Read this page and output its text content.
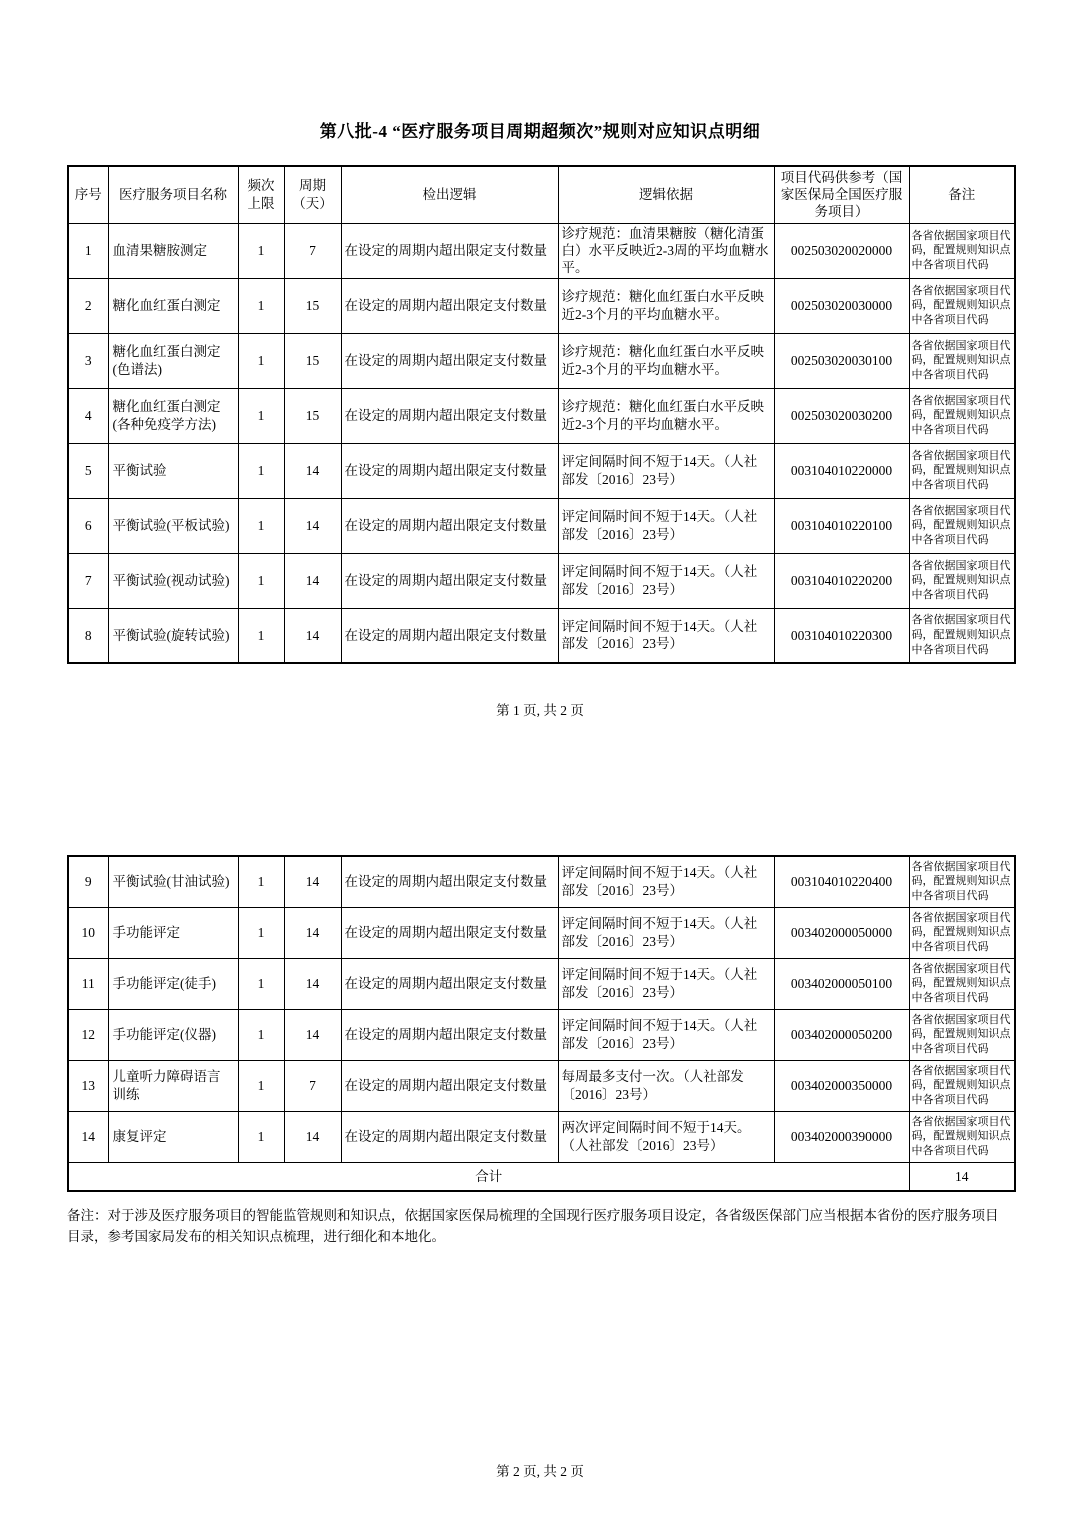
第八批-4 “医疗服务项目周期超频次”规则对应知识点明细
序号	医疗服务项目名称	频次上限	周期（天）	检出逻辑	逻辑依据	项目代码供参考（国家医保局全国医疗服务项目）	备注
1	血清果糖胺测定	1	7	在设定的周期内超出限定支付数量	诊疗规范：血清果糖胺（糖化清蛋白）水平反映近2-3周的平均血糖水平。	002503020020000	各省依据国家项目代码，配置规则知识点中各省项目代码
2	糖化血红蛋白测定	1	15	在设定的周期内超出限定支付数量	诊疗规范：糖化血红蛋白水平反映近2-3个月的平均血糖水平。	002503020030000	各省依据国家项目代码，配置规则知识点中各省项目代码
3	糖化血红蛋白测定(色谱法)	1	15	在设定的周期内超出限定支付数量	诊疗规范：糖化血红蛋白水平反映近2-3个月的平均血糖水平。	002503020030100	各省依据国家项目代码，配置规则知识点中各省项目代码
4	糖化血红蛋白测定(各种免疫学方法)	1	15	在设定的周期内超出限定支付数量	诊疗规范：糖化血红蛋白水平反映近2-3个月的平均血糖水平。	002503020030200	各省依据国家项目代码，配置规则知识点中各省项目代码
5	平衡试验	1	14	在设定的周期内超出限定支付数量	评定间隔时间不短于14天。（人社部发〔2016〕23号）	003104010220000	各省依据国家项目代码，配置规则知识点中各省项目代码
6	平衡试验(平板试验)	1	14	在设定的周期内超出限定支付数量	评定间隔时间不短于14天。（人社部发〔2016〕23号）	003104010220100	各省依据国家项目代码，配置规则知识点中各省项目代码
7	平衡试验(视动试验)	1	14	在设定的周期内超出限定支付数量	评定间隔时间不短于14天。（人社部发〔2016〕23号）	003104010220200	各省依据国家项目代码，配置规则知识点中各省项目代码
8	平衡试验(旋转试验)	1	14	在设定的周期内超出限定支付数量	评定间隔时间不短于14天。（人社部发〔2016〕23号）	003104010220300	各省依据国家项目代码，配置规则知识点中各省项目代码
第 1 页, 共 2 页
9	平衡试验(甘油试验)	1	14	在设定的周期内超出限定支付数量	评定间隔时间不短于14天。（人社部发〔2016〕23号）	003104010220400	各省依据国家项目代码，配置规则知识点中各省项目代码
10	手功能评定	1	14	在设定的周期内超出限定支付数量	评定间隔时间不短于14天。（人社部发〔2016〕23号）	003402000050000	各省依据国家项目代码，配置规则知识点中各省项目代码
11	手功能评定(徒手)	1	14	在设定的周期内超出限定支付数量	评定间隔时间不短于14天。（人社部发〔2016〕23号）	003402000050100	各省依据国家项目代码，配置规则知识点中各省项目代码
12	手功能评定(仪器)	1	14	在设定的周期内超出限定支付数量	评定间隔时间不短于14天。（人社部发〔2016〕23号）	003402000050200	各省依据国家项目代码，配置规则知识点中各省项目代码
13	儿童听力障碍语言训练	1	7	在设定的周期内超出限定支付数量	每周最多支付一次。（人社部发〔2016〕23号）	003402000350000	各省依据国家项目代码，配置规则知识点中各省项目代码
14	康复评定	1	14	在设定的周期内超出限定支付数量	两次评定间隔时间不短于14天。（人社部发〔2016〕23号）	003402000390000	各省依据国家项目代码，配置规则知识点中各省项目代码
合计							14
备注：对于涉及医疗服务项目的智能监管规则和知识点，依据国家医保局梳理的全国现行医疗服务项目设定，各省级医保部门应当根据本省份的医疗服务项目目录，参考国家局发布的相关知识点梳理，进行细化和本地化。
第 2 页, 共 2 页
